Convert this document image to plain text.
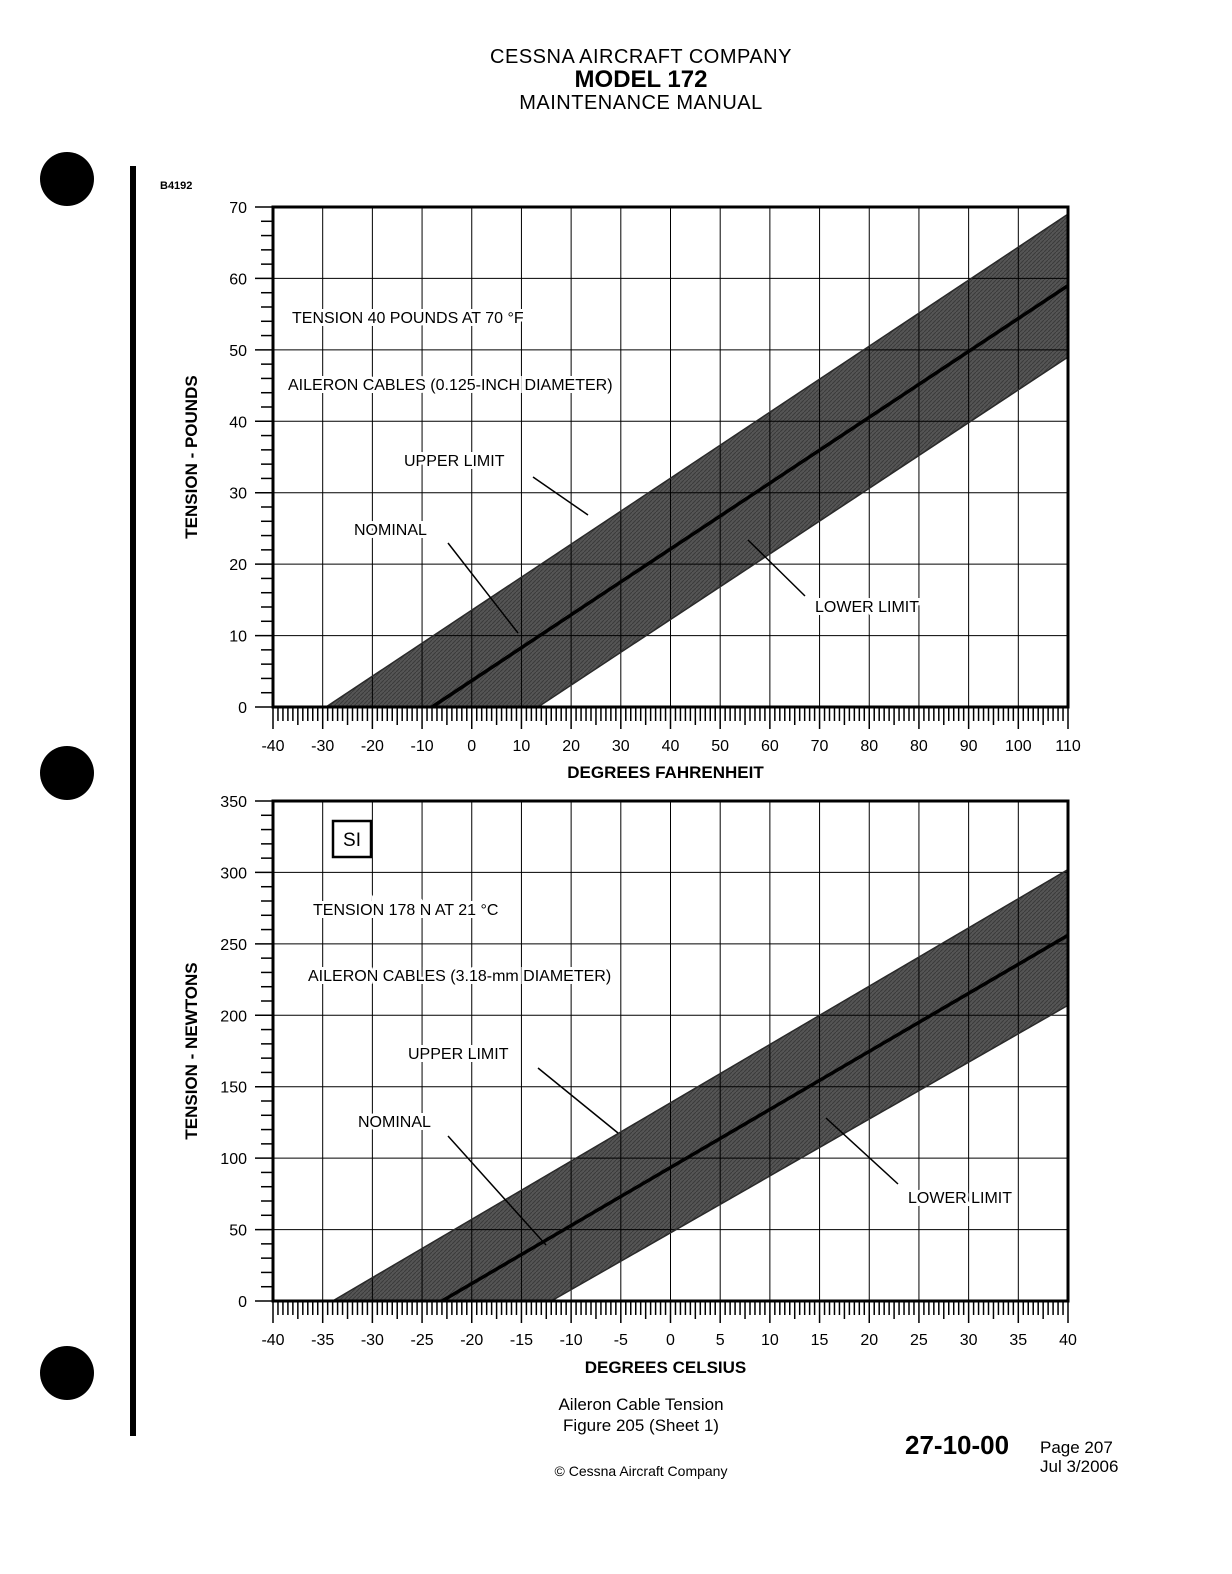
CESSNA AIRCRAFT COMPANY
MODEL 172
MAINTENANCE MANUAL
B4192
-40 -30 -20 -10 0 10 20 30 40 50 60 70 80 80 90 100 110
0
10
20
30
40
50
60
70
DEGREES FAHRENHEIT
TENSION - POUNDS
TENSION 40 POUNDS AT 70 °F
AILERON CABLES (0.125-INCH DIAMETER)
UPPER LIMIT
NOMINAL
LOWER LIMIT
-40 -35 -30 -25 -20 -15 -10 -5 0	5 10 15 20 25 30 35 40
0
50
100
150
200
250
300
350
DEGREES CELSIUS
TENSION - NEWTONS
TENSION 178 N AT 21 °C
AILERON CABLES (3.18-mm DIAMETER)
UPPER LIMIT
NOMINAL
LOWER LIMIT
SI
Aileron Cable Tension
Figure 205 (Sheet 1)
27-10-00 Page 207
Jul 3/2006
© Cessna Aircraft Company
